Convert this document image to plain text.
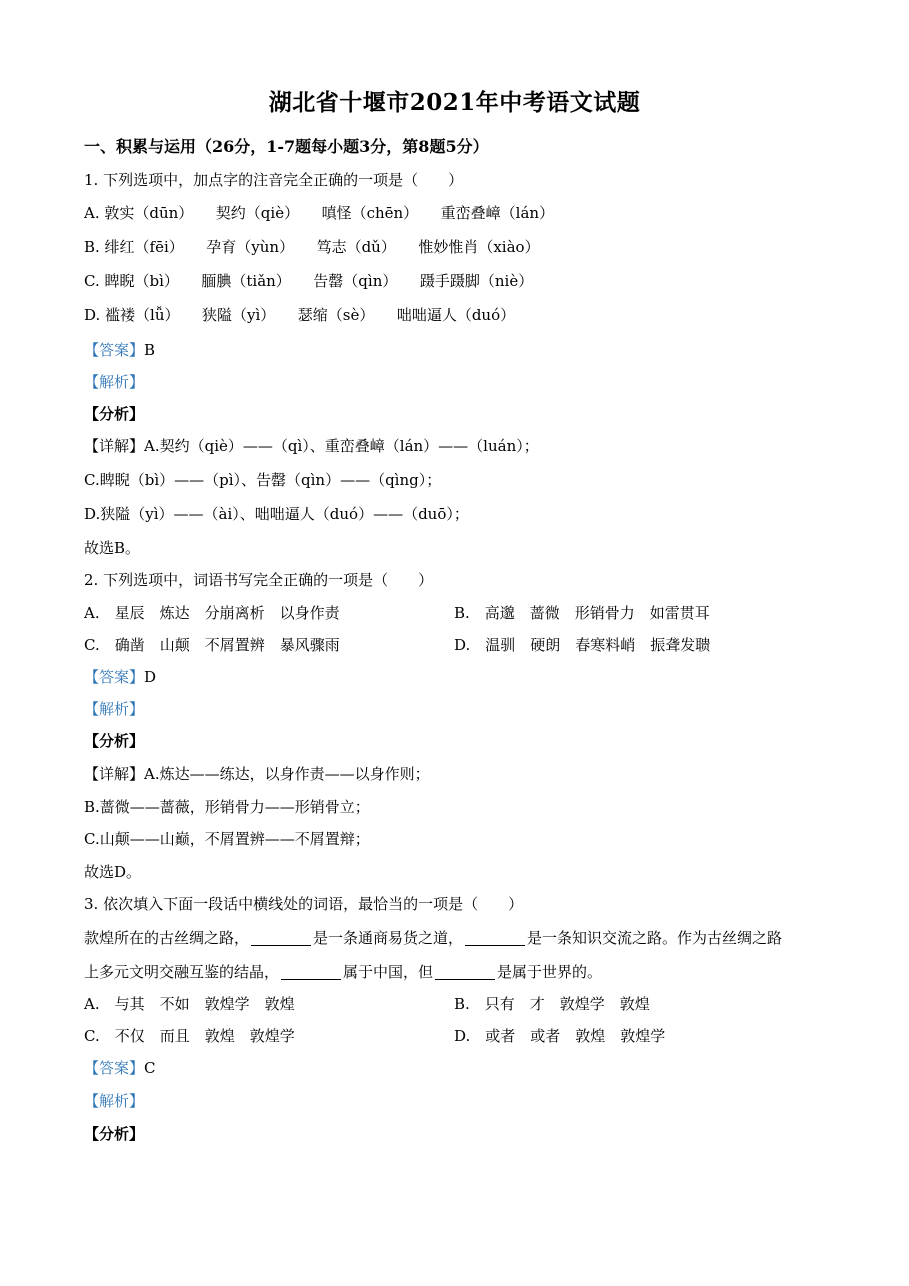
湖北省十堰市2021年中考语文试题
一、积累与运用（26分，1-7题每小题3分，第8题5分）
1. 下列选项中，加点字的注音完全正确的一项是（　　）
A. 敦实（dūn）　　契约（qiè）　　嗔怪（chēn）　　重峦叠嶂（lán）
B. 绯红（fēi）　　孕育（yùn）　　笃志（dǔ）　　惟妙惟肖（xiào）
C. 睥睨（bì）　　腼腆（tiǎn）　　告罄（qìn）　　蹑手蹑脚（niè）
D. 褴褛（lǚ）　　狭隘（yì）　　瑟缩（sè）　　咄咄逼人（duó）
【答案】B
【解析】
【分析】
【详解】A.契约（qiè）——（qì）、重峦叠嶂（lán）——（luán）；
C.睥睨（bì）——（pì）、告罄（qìn）——（qìng）；
D.狭隘（yì）——（ài）、咄咄逼人（duó）——（duō）；
故选B。
2. 下列选项中，词语书写完全正确的一项是（　　）
A.　星辰　炼达　分崩离析　以身作责	B.　高邈　蔷微　形销骨力　如雷贯耳
C.　确凿　山颠　不屑置辨　暴风骤雨	D.　温驯　硬朗　春寒料峭　振聋发聩
【答案】D
【解析】
【分析】
【详解】A.炼达——练达，以身作责——以身作则；
B.蔷微——蔷薇，形销骨力——形销骨立；
C.山颠——山巅，不屑置辨——不屑置辩；
故选D。
3. 依次填入下面一段话中横线处的词语，最恰当的一项是（　　）
款煌所在的古丝绸之路，	是一条通商易货之道，	是一条知识交流之路。作为古丝绸之路
上多元文明交融互鉴的结晶，	属于中国，但	是属于世界的。
A.　与其　不如　敦煌学　敦煌	B.　只有　才　敦煌学　敦煌
C.　不仅　而且　敦煌　敦煌学	D.　或者　或者　敦煌　敦煌学
【答案】C
【解析】
【分析】
